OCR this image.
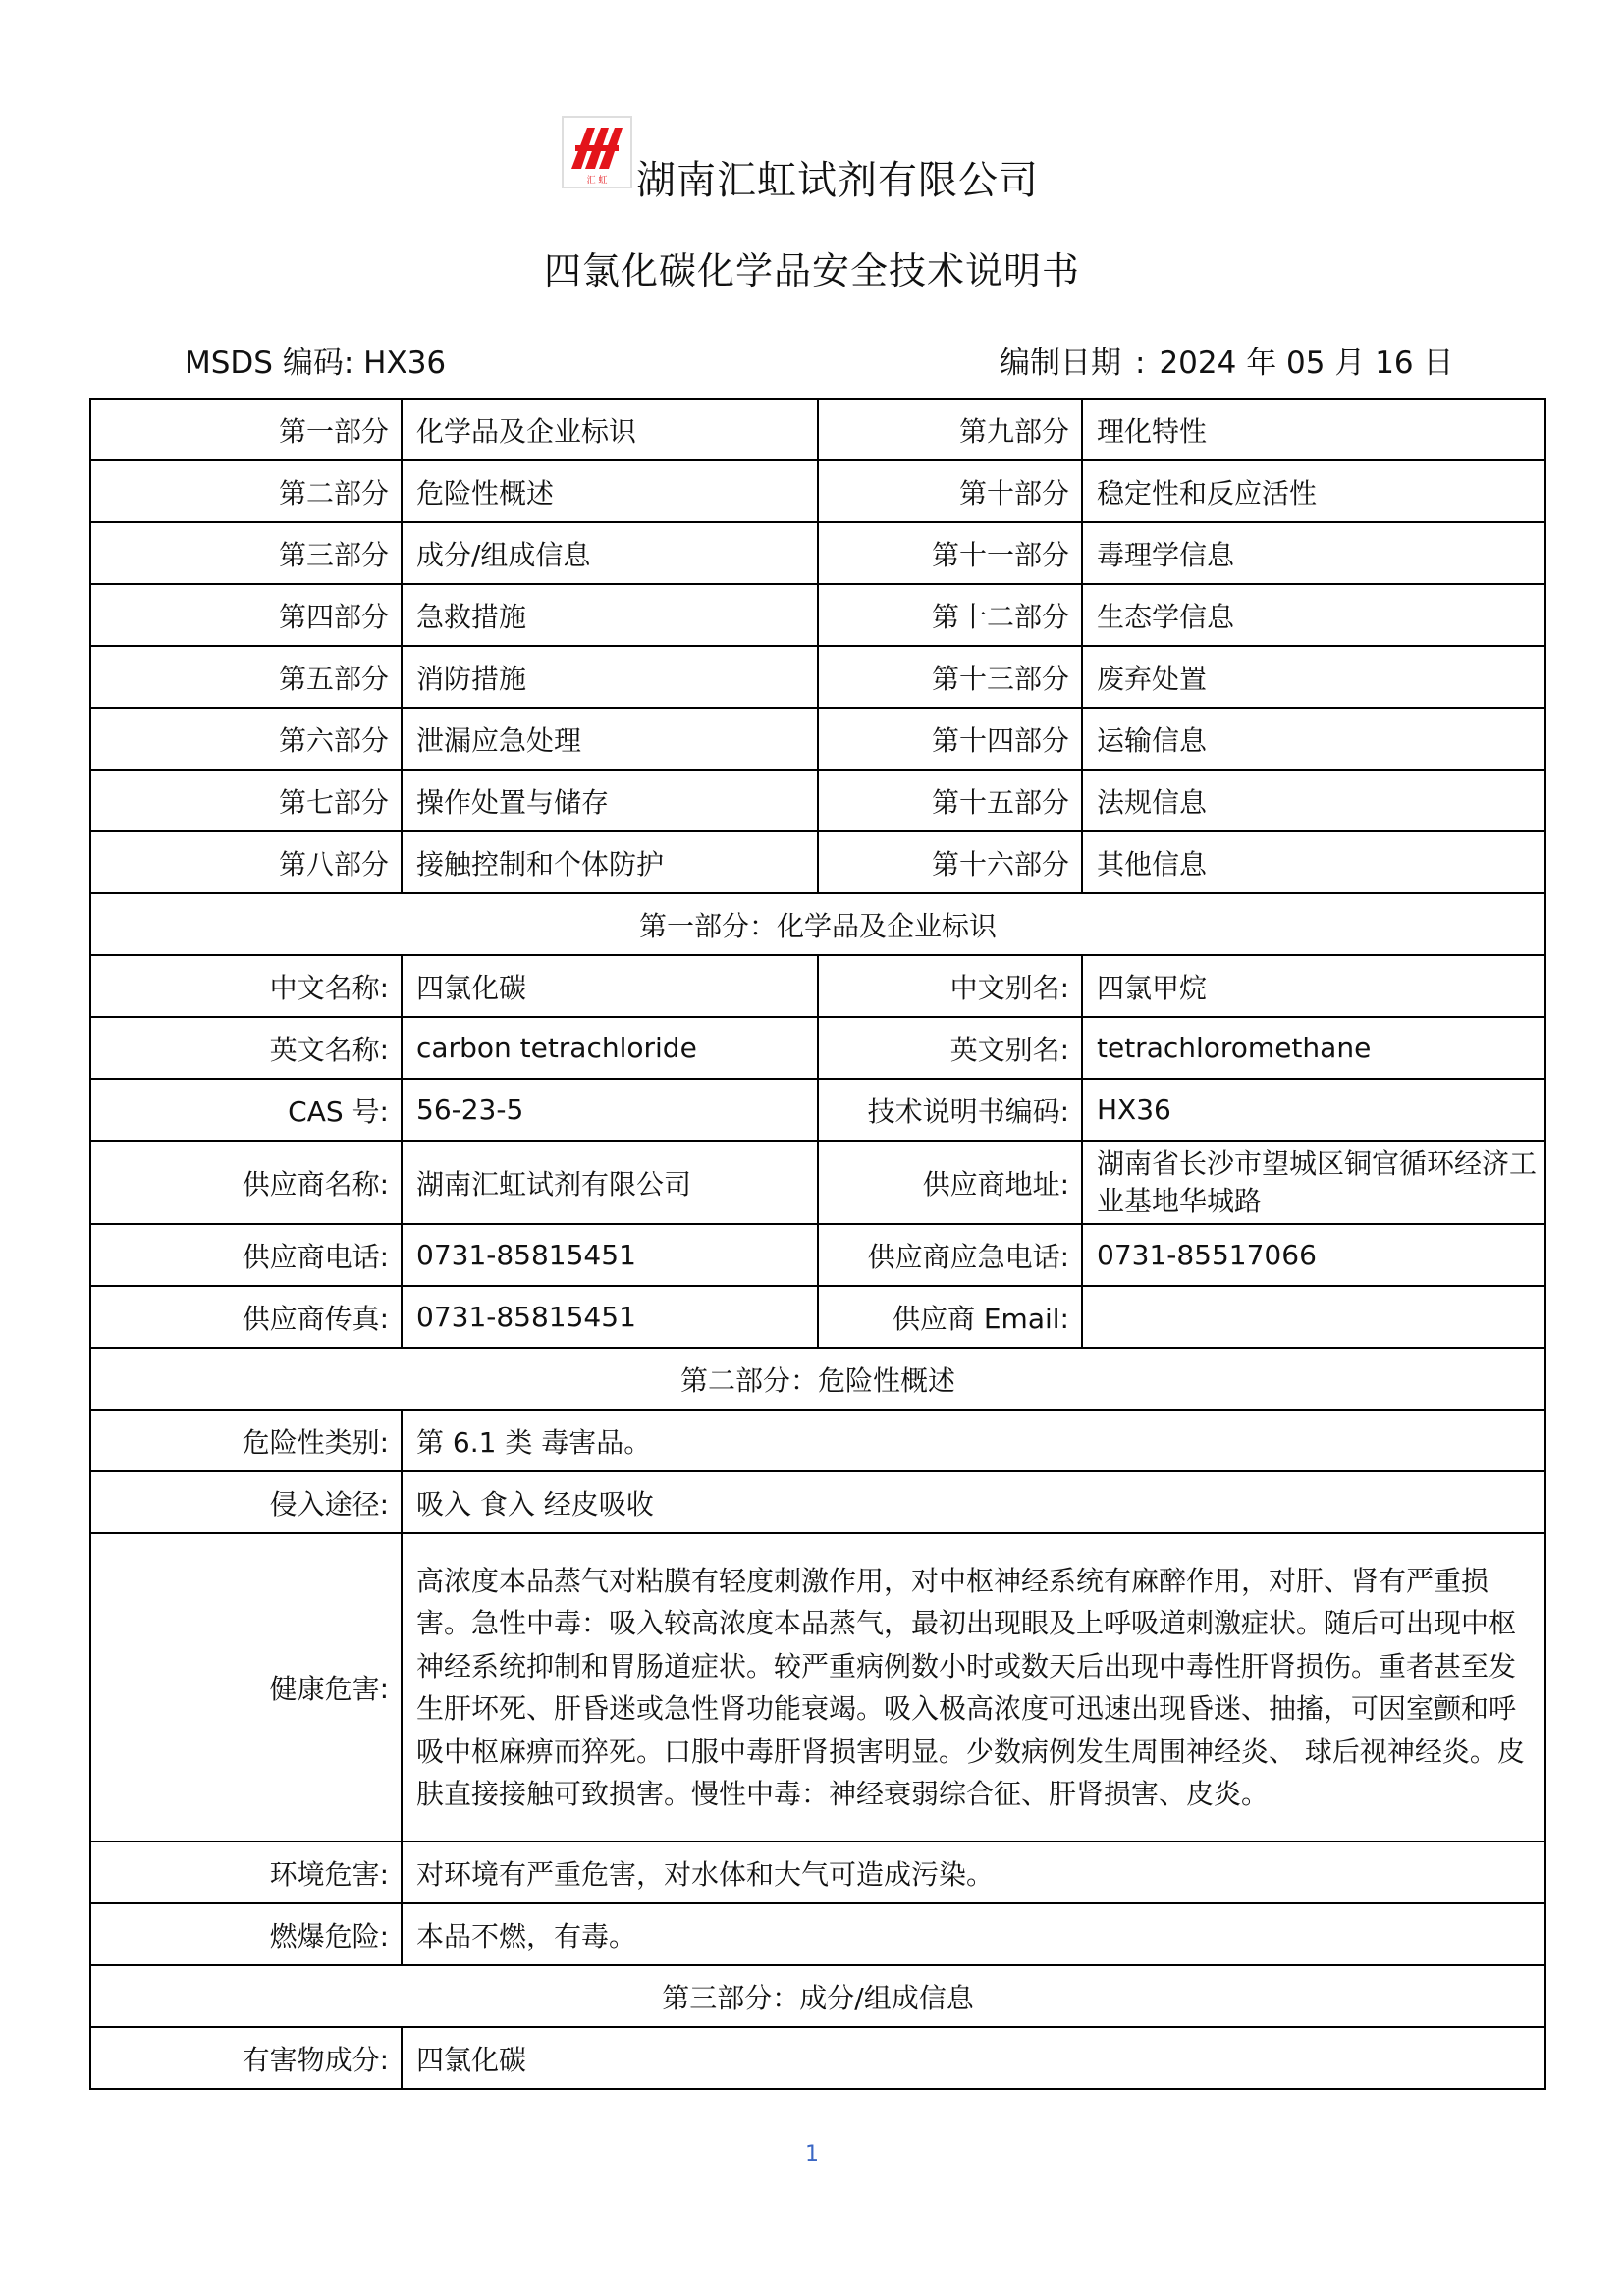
汇 虹 湖南汇虹试剂有限公司
四氯化碳化学品安全技术说明书
MSDS 编码: HX36	编制日期 : 2024 年 05 月 16 日
第一部分	化学品及企业标识	第九部分	理化特性
第二部分	危险性概述	第十部分	稳定性和反应活性
第三部分	成分/组成信息	第十一部分	毒理学信息
第四部分	急救措施	第十二部分	生态学信息
第五部分	消防措施	第十三部分	废弃处置
第六部分	泄漏应急处理	第十四部分	运输信息
第七部分	操作处置与储存	第十五部分	法规信息
第八部分	接触控制和个体防护	第十六部分	其他信息
第一部分：化学品及企业标识			
中文名称:	四氯化碳	中文别名:	四氯甲烷
英文名称:	carbon tetrachloride	英文别名:	tetrachloromethane
CAS 号:	56-23-5	技术说明书编码:	HX36
供应商名称:	湖南汇虹试剂有限公司	供应商地址:	湖南省长沙市望城区铜官循环经济工业基地华城路
供应商电话:	0731-85815451	供应商应急电话:	0731-85517066
供应商传真:	0731-85815451	供应商 Email:	
第二部分：危险性概述			
危险性类别:	第 6.1 类 毒害品。		
侵入途径:	吸入 食入 经皮吸收		
健康危害:	高浓度本品蒸气对粘膜有轻度刺激作用，对中枢神经系统有麻醉作用，对肝、肾有严重损害。急性中毒：吸入较高浓度本品蒸气，最初出现眼及上呼吸道刺激症状。随后可出现中枢神经系统抑制和胃肠道症状。较严重病例数小时或数天后出现中毒性肝肾损伤。重者甚至发生肝坏死、肝昏迷或急性肾功能衰竭。吸入极高浓度可迅速出现昏迷、抽搐，可因室颤和呼吸中枢麻痹而猝死。口服中毒肝肾损害明显。少数病例发生周围神经炎、 球后视神经炎。皮肤直接接触可致损害。慢性中毒：神经衰弱综合征、肝肾损害、皮炎。		
环境危害:	对环境有严重危害，对水体和大气可造成污染。		
燃爆危险:	本品不燃，有毒。		
第三部分：成分/组成信息			
有害物成分:	四氯化碳		
1
